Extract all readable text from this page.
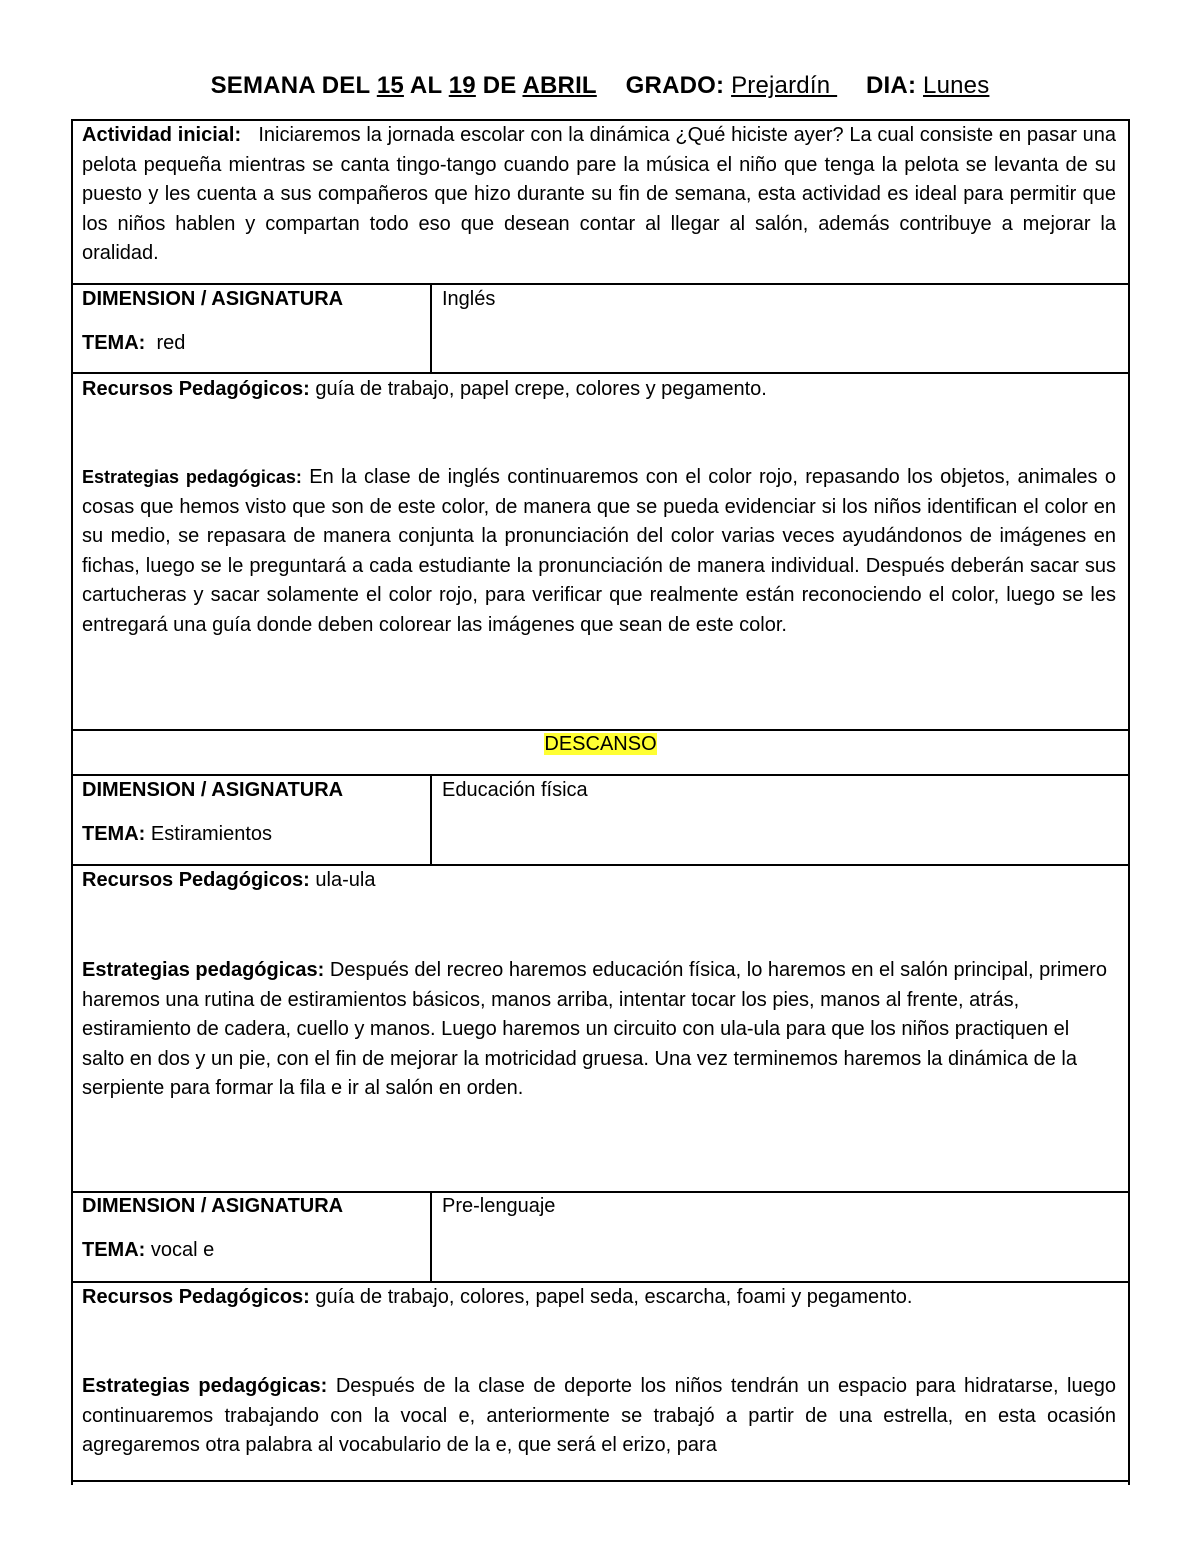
SEMANA DEL 15 AL 19 DE ABRIL GRADO: Prejardín  DIA: Lunes
Actividad inicial: Iniciaremos la jornada escolar con la dinámica ¿Qué hiciste ayer? La cual consiste en pasar una pelota pequeña mientras se canta tingo-tango cuando pare la música el niño que tenga la pelota se levanta de su puesto y les cuenta a sus compañeros que hizo durante su fin de semana, esta actividad es ideal para permitir que los niños hablen y compartan todo eso que desean contar al llegar al salón, además contribuye a mejorar la oralidad.
DIMENSION / ASIGNATURA
TEMA: red
Inglés
Recursos Pedagógicos: guía de trabajo, papel crepe, colores y pegamento.
Estrategias pedagógicas: En la clase de inglés continuaremos con el color rojo, repasando los objetos, animales o cosas que hemos visto que son de este color, de manera que se pueda evidenciar si los niños identifican el color en su medio, se repasara de manera conjunta la pronunciación del color varias veces ayudándonos de imágenes en fichas, luego se le preguntará a cada estudiante la pronunciación de manera individual. Después deberán sacar sus cartucheras y sacar solamente el color rojo, para verificar que realmente están reconociendo el color, luego se les entregará una guía donde deben colorear las imágenes que sean de este color.
DESCANSO
DIMENSION / ASIGNATURA
TEMA: Estiramientos
Educación física
Recursos Pedagógicos: ula-ula
Estrategias pedagógicas: Después del recreo haremos educación física, lo haremos en el salón principal, primero haremos una rutina de estiramientos básicos, manos arriba, intentar tocar los pies, manos al frente, atrás, estiramiento de cadera, cuello y manos. Luego haremos un circuito con ula-ula para que los niños practiquen el salto en dos y un pie, con el fin de mejorar la motricidad gruesa. Una vez terminemos haremos la dinámica de la serpiente para formar la fila e ir al salón en orden.
DIMENSION / ASIGNATURA
TEMA: vocal e
Pre-lenguaje
Recursos Pedagógicos: guía de trabajo, colores, papel seda, escarcha, foami y pegamento.
Estrategias pedagógicas: Después de la clase de deporte los niños tendrán un espacio para hidratarse, luego continuaremos trabajando con la vocal e, anteriormente se trabajó a partir de una estrella, en esta ocasión agregaremos otra palabra al vocabulario de la e, que será el erizo, para
